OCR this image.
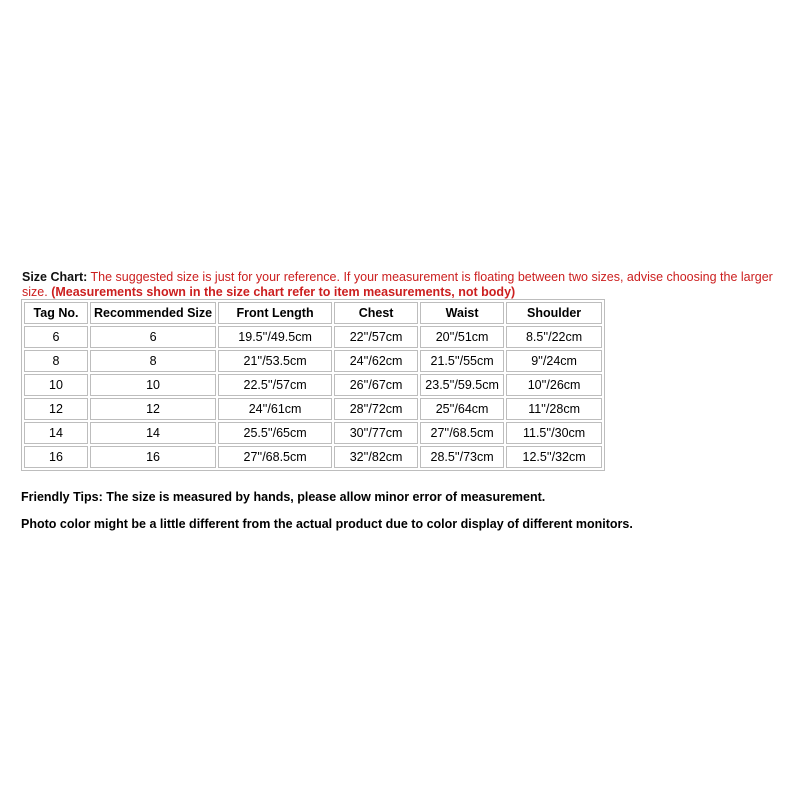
Size Chart: The suggested size is just for your reference. If your measurement is floating between two sizes, advise choosing the larger size. (Measurements shown in the size chart refer to item measurements, not body)
Tag No.	Recommended Size	Front Length	Chest	Waist	Shoulder
6	6	19.5''/49.5cm	22''/57cm	20''/51cm	8.5''/22cm
8	8	21''/53.5cm	24''/62cm	21.5''/55cm	9''/24cm
10	10	22.5''/57cm	26''/67cm	23.5''/59.5cm	10''/26cm
12	12	24''/61cm	28''/72cm	25''/64cm	11''/28cm
14	14	25.5''/65cm	30''/77cm	27''/68.5cm	11.5''/30cm
16	16	27''/68.5cm	32''/82cm	28.5''/73cm	12.5''/32cm
Friendly Tips: The size is measured by hands, please allow minor error of measurement.
Photo color might be a little different from the actual product due to color display of different monitors.
